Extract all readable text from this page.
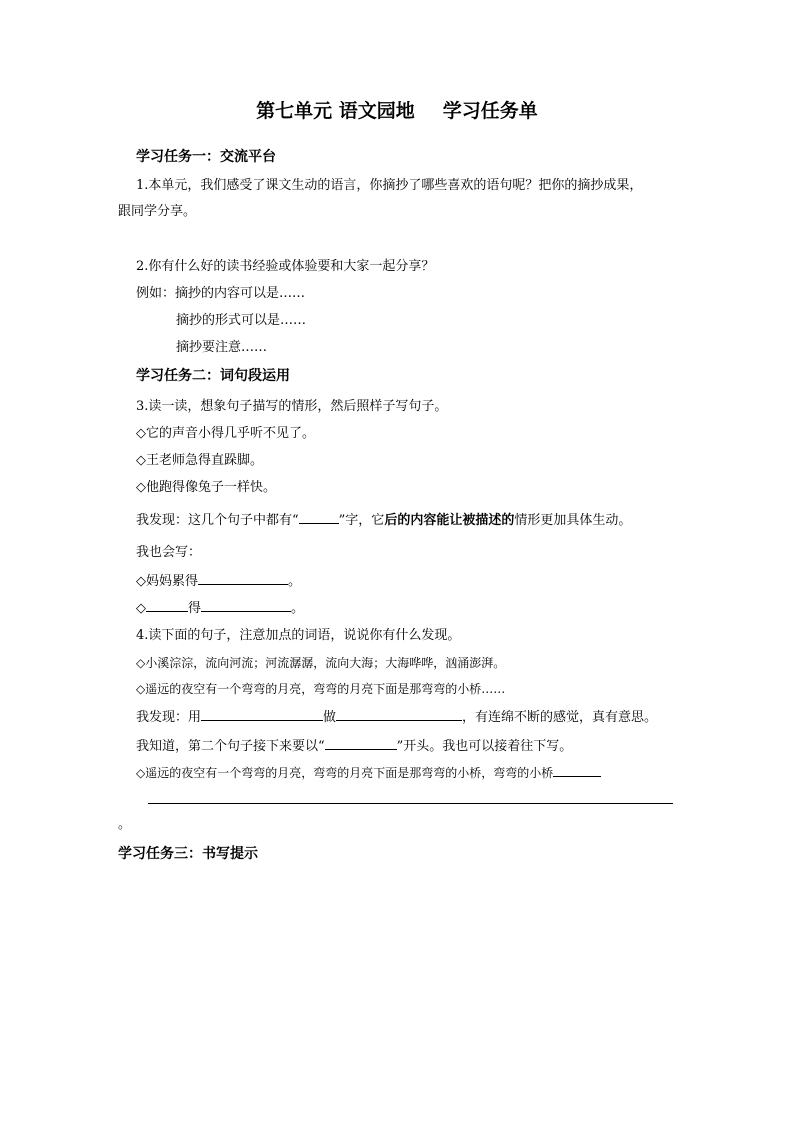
第七单元 语文园地 学习任务单
学习任务一：交流平台
1.本单元，我们感受了课文生动的语言，你摘抄了哪些喜欢的语句呢？把你的摘抄成果，
跟同学分享。
2.你有什么好的读书经验或体验要和大家一起分享？
例如：摘抄的内容可以是……
摘抄的形式可以是……
摘抄要注意……
学习任务二：词句段运用
3.读一读，想象句子描写的情形，然后照样子写句子。
◇它的声音小得几乎听不见了。
◇王老师急得直跺脚。
◇他跑得像兔子一样快。
我发现：这几个句子中都有“	”字，它后的内容能让被描述的情形更加具体生动。
我也会写：
◇妈妈累得	。
◇	得	。
4.读下面的句子，注意加点的词语，说说你有什么发现。
◇小溪淙淙，流向河流；河流潺潺，流向大海；大海哗哗，汹涌澎湃。
◇遥远的夜空有一个弯弯的月亮，弯弯的月亮下面是那弯弯的小桥……
我发现：用	做	，有连绵不断的感觉，真有意思。
我知道，第二个句子接下来要以“	”开头。我也可以接着往下写。
◇遥远的夜空有一个弯弯的月亮，弯弯的月亮下面是那弯弯的小桥，弯弯的小桥
。
学习任务三：书写提示
